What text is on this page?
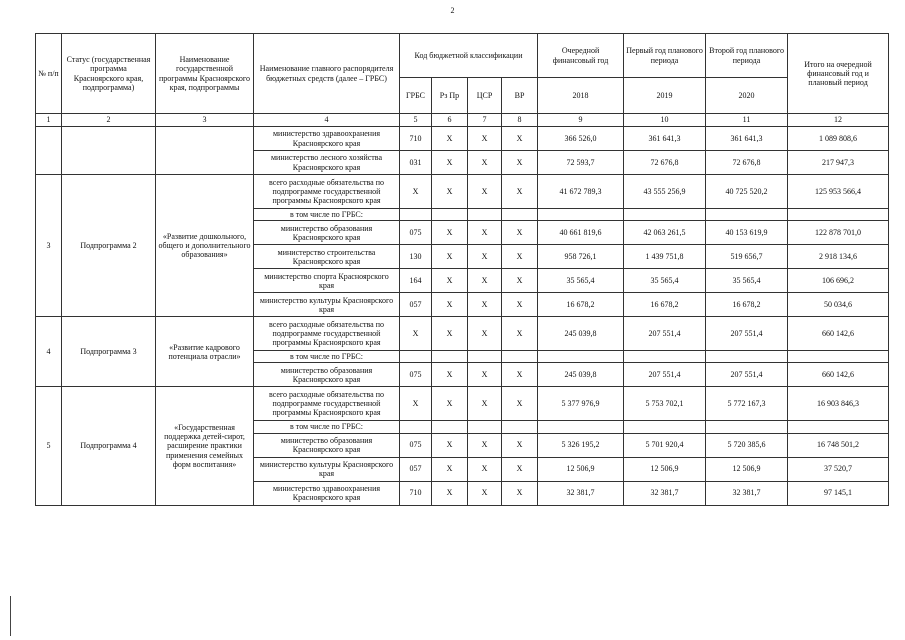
2
№ п/п	Статус (государственная программа Красноярского края, подпрограмма)	Наименование государственной программы Красноярского края, подпрограммы	Наименование главного распорядителя бюджетных средств (далее – ГРБС)	Код бюджетной классификации				Очередной финансовый год	Первый год планового периода	Второй год планового периода	Итого на очередной финансовый год и плановый период
				ГРБС	Рз Пр	ЦСР	ВР	2018	2019	2020	
1	2	3	4	5	6	7	8	9	10	11	12
			министерство здравоохранения Красноярского края	710	X	X	X	366 526,0	361 641,3	361 641,3	1 089 808,6
			министерство лесного хозяйства Красноярского края	031	X	X	X	72 593,7	72 676,8	72 676,8	217 947,3
3	Подпрограмма 2	«Развитие дошкольного, общего и дополнительного образования»	всего расходные обязательства по подпрограмме государственной программы Красноярского края	X	X	X	X	41 672 789,3	43 555 256,9	40 725 520,2	125 953 566,4
			в том числе по ГРБС:								
			министерство образования Красноярского края	075	X	X	X	40 661 819,6	42 063 261,5	40 153 619,9	122 878 701,0
			министерство строительства Красноярского края	130	X	X	X	958 726,1	1 439 751,8	519 656,7	2 918 134,6
			министерство спорта Красноярского края	164	X	X	X	35 565,4	35 565,4	35 565,4	106 696,2
			министерство культуры Красноярского края	057	X	X	X	16 678,2	16 678,2	16 678,2	50 034,6
4	Подпрограмма 3	«Развитие кадрового потенциала отрасли»	всего расходные обязательства по подпрограмме государственной программы Красноярского края	X	X	X	X	245 039,8	207 551,4	207 551,4	660 142,6
			в том числе по ГРБС:								
			министерство образования Красноярского края	075	X	X	X	245 039,8	207 551,4	207 551,4	660 142,6
5	Подпрограмма 4	«Государственная поддержка детей-сирот, расширение практики применения семейных форм воспитания»	всего расходные обязательства по подпрограмме государственной программы Красноярского края	X	X	X	X	5 377 976,9	5 753 702,1	5 772 167,3	16 903 846,3
			в том числе по ГРБС:								
			министерство образования Красноярского края	075	X	X	X	5 326 195,2	5 701 920,4	5 720 385,6	16 748 501,2
			министерство культуры Красноярского края	057	X	X	X	12 506,9	12 506,9	12 506,9	37 520,7
			министерство здравоохранения Красноярского края	710	X	X	X	32 381,7	32 381,7	32 381,7	97 145,1
